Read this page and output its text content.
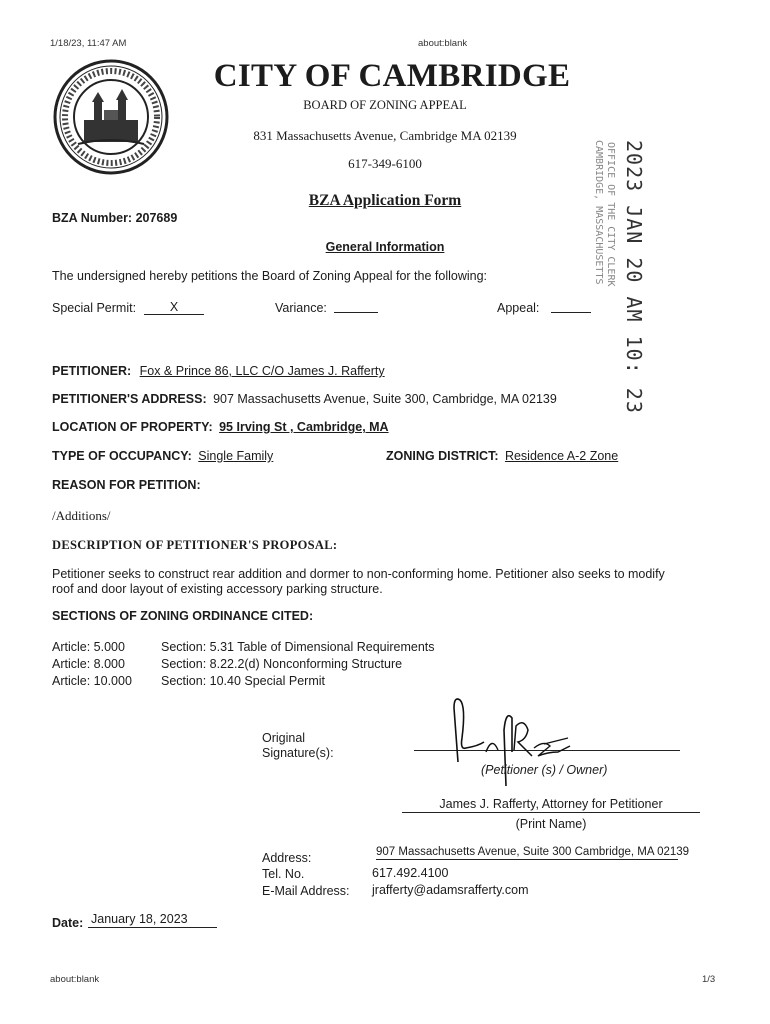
1/18/23, 11:47 AM	about:blank
CITY OF CAMBRIDGE
BOARD OF ZONING APPEAL
831 Massachusetts Avenue, Cambridge MA 02139
617-349-6100	2023 JAN 20 AM 10: 23
OFFICE OF THE CITY CLERK
CAMBRIDGE, MASSACHUSETTS
BZA Application Form
BZA Number: 207689
General Information
The undersigned hereby petitions the Board of Zoning Appeal for the following:
Special Permit:	X	Variance:	Appeal:
PETITIONER: Fox & Prince 86, LLC C/O James J. Rafferty
PETITIONER'S ADDRESS: 907 Massachusetts Avenue, Suite 300, Cambridge, MA 02139
LOCATION OF PROPERTY: 95 Irving St , Cambridge, MA
TYPE OF OCCUPANCY: Single Family	ZONING DISTRICT: Residence A-2 Zone
REASON FOR PETITION:
/Additions/
DESCRIPTION OF PETITIONER'S PROPOSAL:
Petitioner seeks to construct rear addition and dormer to non-conforming home. Petitioner also seeks to modify
roof and door layout of existing accessory parking structure.
SECTIONS OF ZONING ORDINANCE CITED:
Article: 5.000	Section: 5.31 Table of Dimensional Requirements
Article: 8.000	Section: 8.22.2(d) Nonconforming Structure
Article: 10.000 Section: 10.40 Special Permit
Original
Signature(s):
(Petitioner (s) / Owner)
James J. Rafferty, Attorney for Petitioner
(Print Name)
Address:	907 Massachusetts Avenue, Suite 300 Cambridge, MA 02139
Tel. No.	617.492.4100
E-Mail Address: jrafferty@adamsrafferty.com
Date: January 18, 2023
about:blank	1/3
